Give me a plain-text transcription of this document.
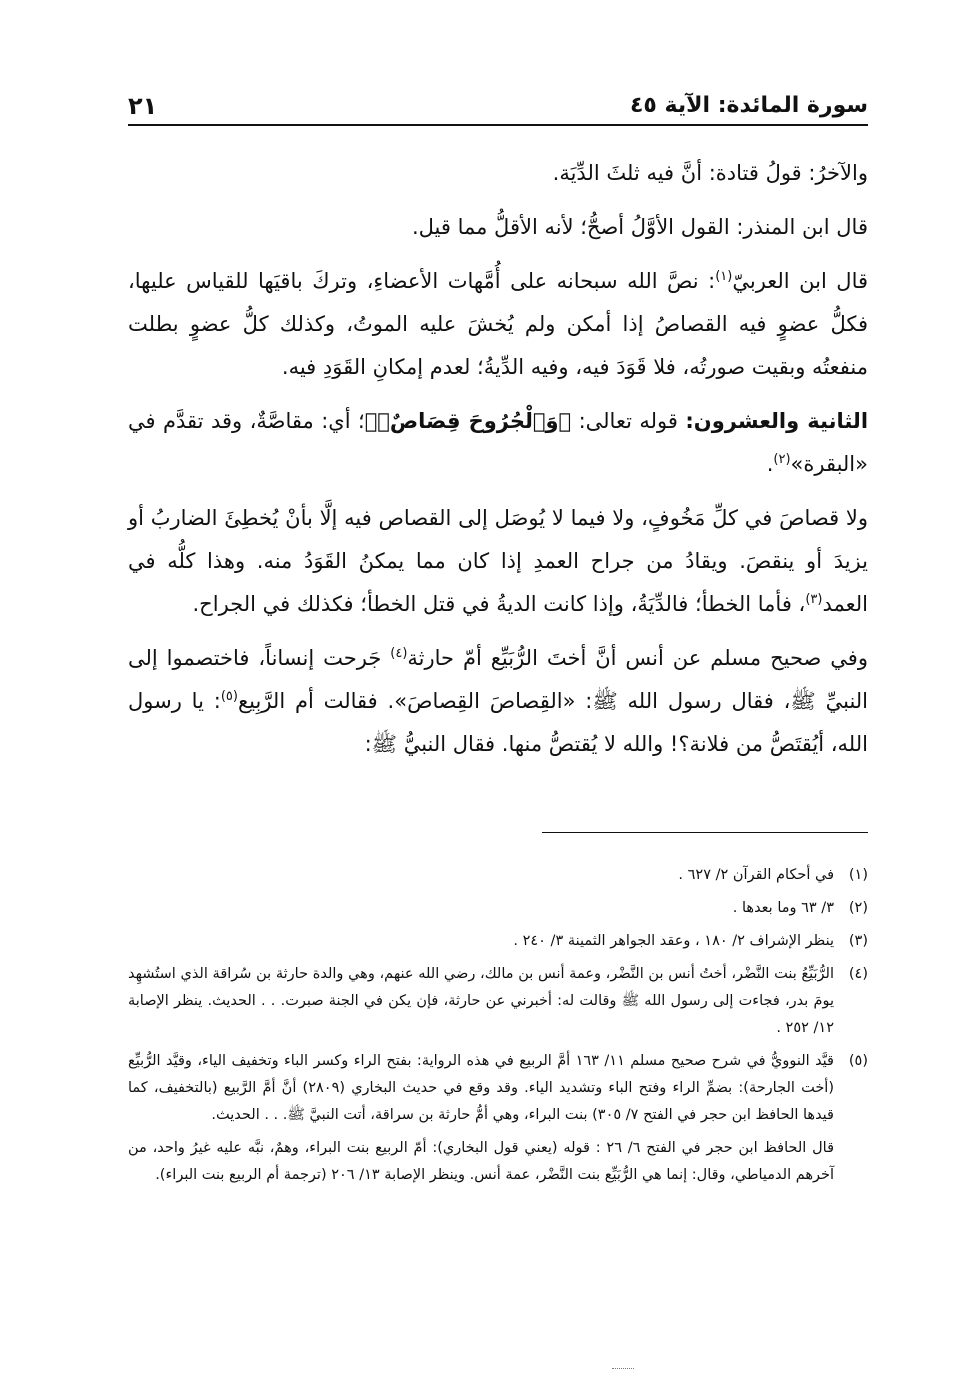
سورة المائدة: الآية ٤٥
٢١

والآخرُ: قولُ قتادة: أنَّ فيه ثلثَ الدِّيَة.

قال ابن المنذر: القول الأوَّلُ أصحُّ؛ لأنه الأقلُّ مما قيل.

قال ابن العربيّ$^{(١)}$: نصَّ الله سبحانه على أُمَّهات الأعضاءِ، وتركَ باقيَها للقياس عليها، فكلُّ عضوٍ فيه القصاصُ إذا أمكن ولم يُخشَ عليه الموتُ، وكذلك كلُّ عضوٍ بطلت منفعتُه وبقيت صورتُه، فلا قَوَدَ فيه، وفيه الدِّيةُ؛ لعدم إمكانِ القَوَدِ فيه.

الثانية والعشرون: قوله تعالى: ﴿وَٱلْجُرُوحَ قِصَاصٌۚ﴾؛ أي: مقاصَّةٌ، وقد تقدَّم في «البقرة»$^{(٢)}$.

ولا قصاصَ في كلِّ مَخُوفٍ، ولا فيما لا يُوصَل إلى القصاص فيه إلَّا بأنْ يُخطِئَ الضاربُ أو يزيدَ أو ينقصَ. ويقادُ من جراح العمدِ إذا كان مما يمكنُ القَوَدُ منه. وهذا كلُّه في العمد$^{(٣)}$، فأما الخطأ؛ فالدِّيَةُ، وإذا كانت الديةُ في قتل الخطأ؛ فكذلك في الجراح.

وفي صحيح مسلم عن أنس أنَّ أختَ الرُّبَيِّع أمّ حارثة$^{(٤)}$ جَرحت إنساناً، فاختصموا إلى النبيِّ ﷺ، فقال رسول الله ﷺ: «القِصاصَ القِصاصَ». فقالت أم الرَّبِيع$^{(٥)}$: يا رسول الله، أيُقتَصُّ من فلانة؟! والله لا يُقتصُّ منها. فقال النبيُّ ﷺ:

(١)
في أحكام القرآن ٢/ ٦٢٧ .
(٢)
٣/ ٦٣ وما بعدها .
(٣)
ينظر الإشراف ٢/ ١٨٠ ، وعقد الجواهر الثمينة ٣/ ٢٤٠ .
(٤)
الرُّبَيِّعُ بنت النَّضْر، أختُ أنس بن النَّضْر، وعمة أنس بن مالك، رضي الله عنهم، وهي والدة حارثة بن سُراقة الذي استُشهِد يومَ بدر، فجاءت إلى رسول الله ﷺ وقالت له: أخبرني عن حارثة، فإن يكن في الجنة صبرت. . . الحديث. ينظر الإصابة ١٢/ ٢٥٢ .
(٥)
قيَّد النوويُّ في شرح صحيح مسلم ١١/ ١٦٣ أمَّ الربيع في هذه الرواية: بفتح الراء وكسر الباء وتخفيف الياء، وقيَّد الرُّبيِّع (أخت الجارحة): بضمِّ الراء وفتح الباء وتشديد الياء. وقد وقع في حديث البخاري (٢٨٠٩) أنَّ أمَّ الرَّبيع (بالتخفيف، كما قيدها الحافظ ابن حجر في الفتح ٧/ ٣٠٥) بنت البراء، وهي أمُّ حارثة بن سراقة، أتت النبيَّ ﷺ. . . الحديث.
قال الحافظ ابن حجر في الفتح ٦/ ٢٦ : قوله (يعني قول البخاري): أمّ الربيع بنت البراء، وهمٌ، نبَّه عليه غيرُ واحد، من آخرهم الدمياطي، وقال: إنما هي الرُّبَيِّع بنت النَّضْر، عمة أنس. وينظر الإصابة ١٣/ ٢٠٦ (ترجمة أم الربيع بنت البراء).
